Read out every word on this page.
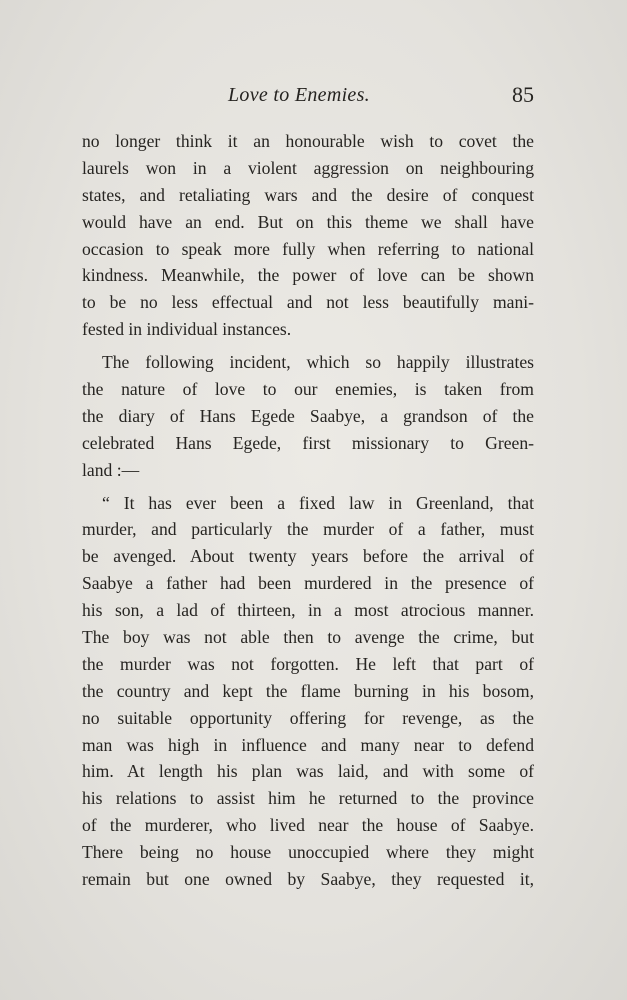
Love to Enemies.	85
no longer think it an honourable wish to covet the
laurels won in a violent aggression on neighbouring
states, and retaliating wars and the desire of conquest
would have an end. But on this theme we shall have
occasion to speak more fully when referring to national
kindness. Meanwhile, the power of love can be shown
to be no less effectual and not less beautifully mani-
fested in individual instances.
The following incident, which so happily illustrates
the nature of love to our enemies, is taken from
the diary of Hans Egede Saabye, a grandson of the
celebrated Hans Egede, first missionary to Green-
land :—
“ It has ever been a fixed law in Greenland, that
murder, and particularly the murder of a father, must
be avenged. About twenty years before the arrival of
Saabye a father had been murdered in the presence of
his son, a lad of thirteen, in a most atrocious manner.
The boy was not able then to avenge the crime, but
the murder was not forgotten. He left that part of
the country and kept the flame burning in his bosom,
no suitable opportunity offering for revenge, as the
man was high in influence and many near to defend
him. At length his plan was laid, and with some of
his relations to assist him he returned to the province
of the murderer, who lived near the house of Saabye.
There being no house unoccupied where they might
remain but one owned by Saabye, they requested it,
